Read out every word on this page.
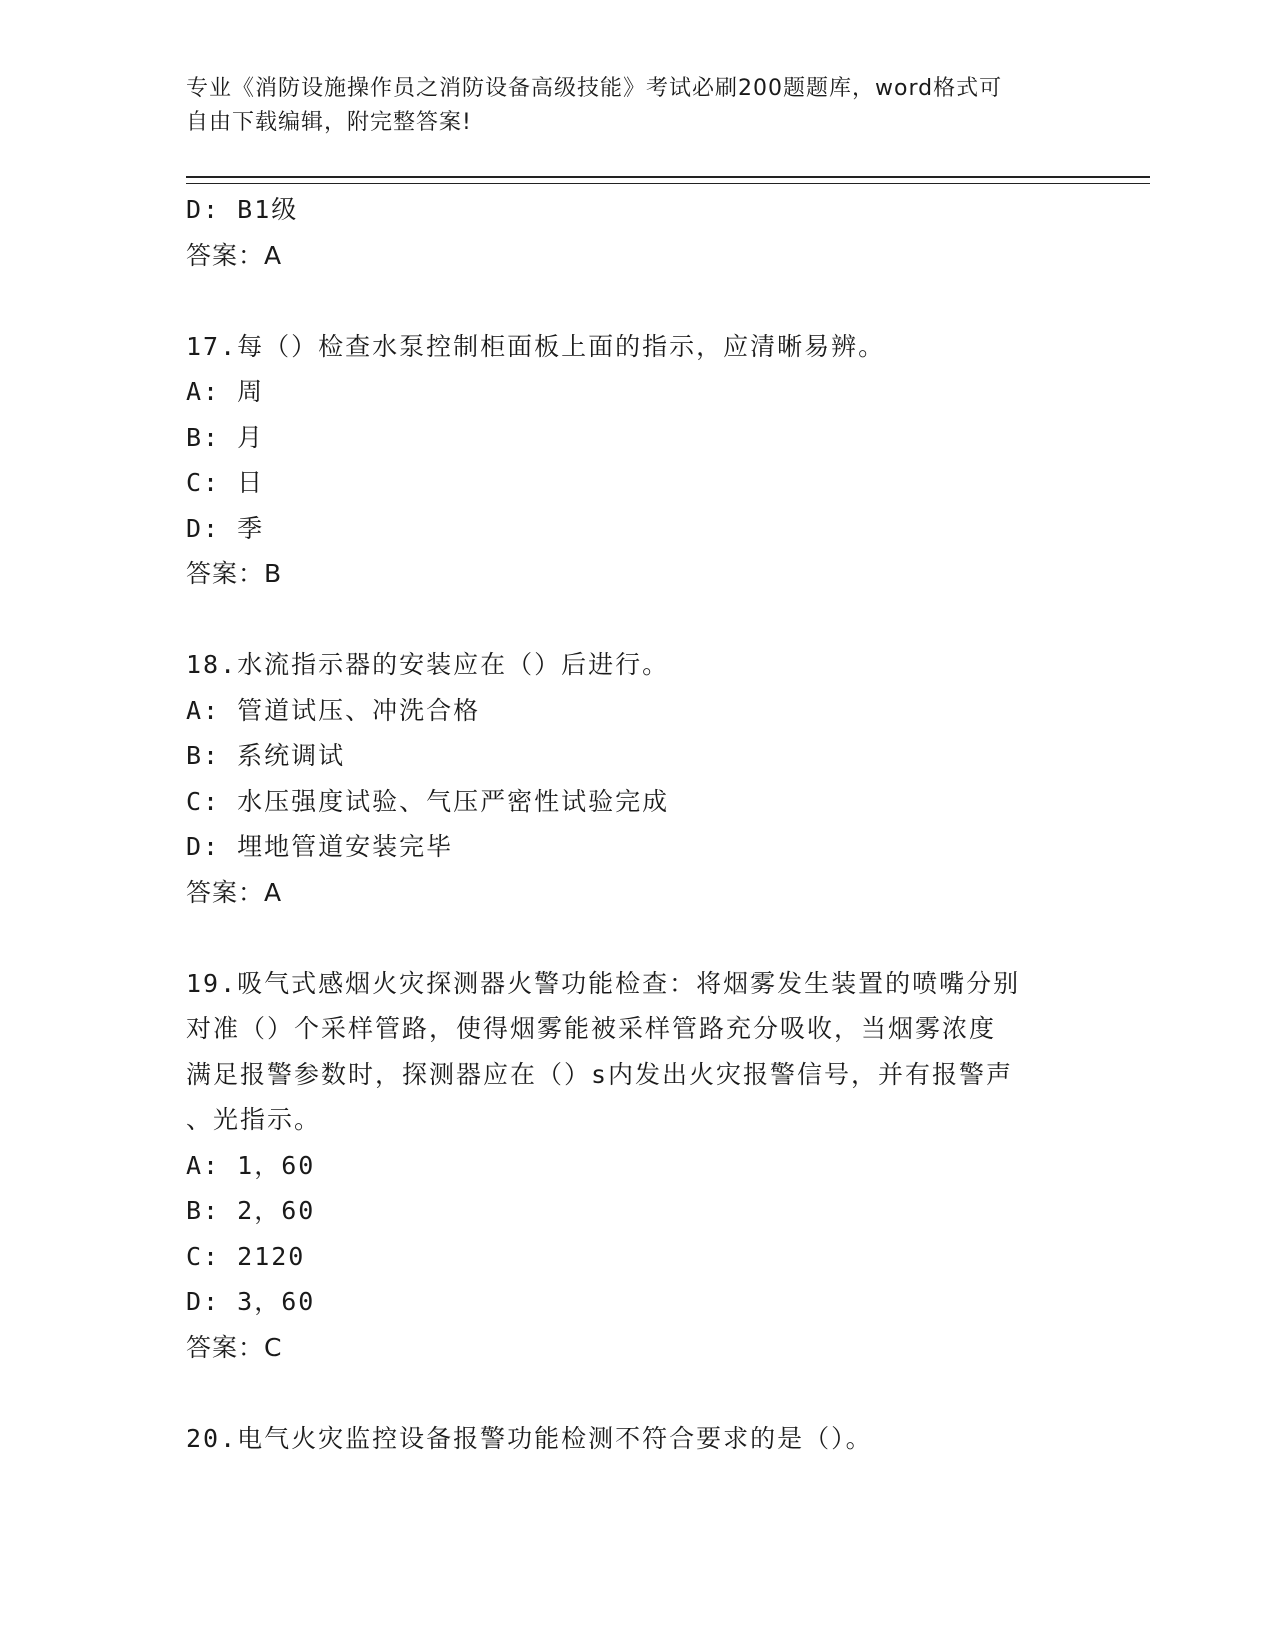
专业《消防设施操作员之消防设备高级技能》考试必刷200题题库，word格式可
自由下载编辑，附完整答案!
D: B1级
答案：A
17.每（）检查水泵控制柜面板上面的指示，应清晰易辨。
A: 周
B: 月
C: 日
D: 季
答案：B
18.水流指示器的安装应在（）后进行。
A: 管道试压、冲洗合格
B: 系统调试
C: 水压强度试验、气压严密性试验完成
D: 埋地管道安装完毕
答案：A
19.吸气式感烟火灾探测器火警功能检查：将烟雾发生装置的喷嘴分别
对准（）个采样管路，使得烟雾能被采样管路充分吸收，当烟雾浓度
满足报警参数时，探测器应在（）s内发出火灾报警信号，并有报警声
、光指示。
A: 1，60
B: 2，60
C: 2120
D: 3，60
答案：C
20.电气火灾监控设备报警功能检测不符合要求的是（）。
